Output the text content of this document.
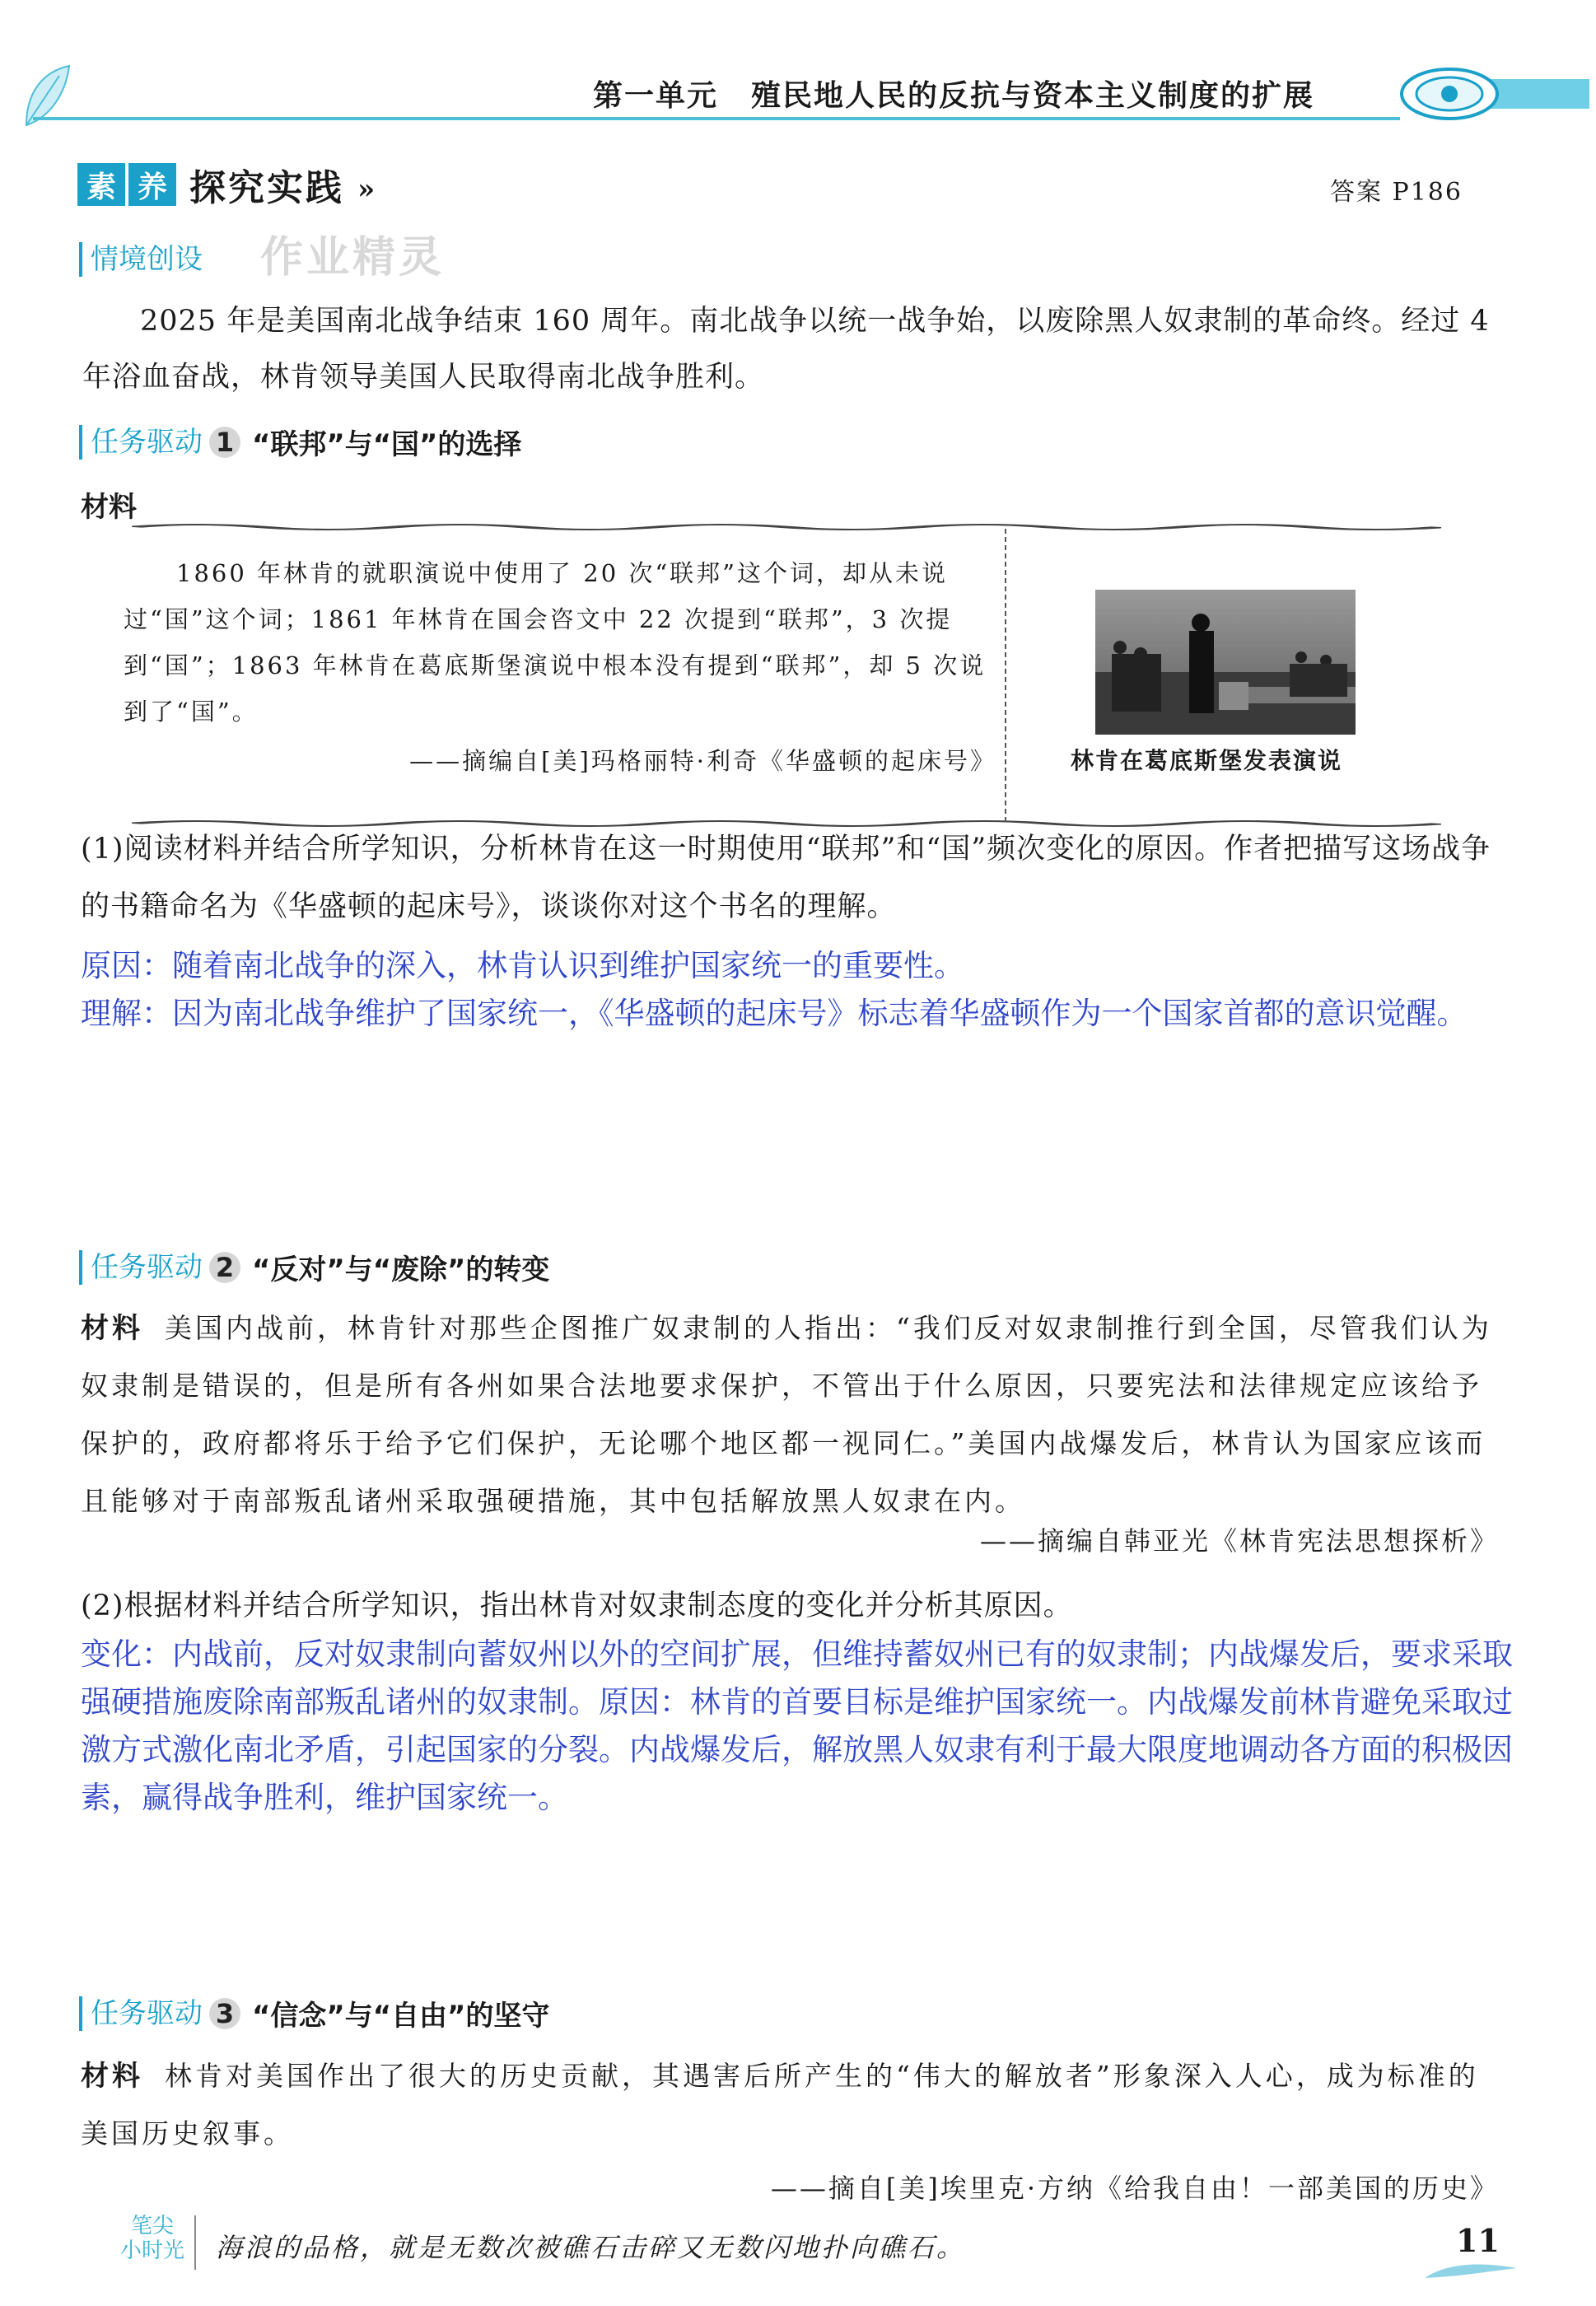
第一单元 殖民地人民的反抗与资本主义制度的扩展
素 养 探究实践 »	答案 P186
情境创设 作业精灵
2025 年是美国南北战争结束 160 周年。南北战争以统一战争始，以废除黑人奴隶制的革命终。经过 4 年浴血奋战，林肯领导美国人民取得南北战争胜利。
任务驱动 1 “联邦”与“国”的选择
材料

1860 年林肯的就职演说中使用了 20 次“联邦”这个词，却从未说过“国”这个词；1861 年林肯在国会咨文中 22 次提到“联邦”，3 次提到“国”；1863 年林肯在葛底斯堡演说中根本没有提到“联邦”，却 5 次说到了“国”。

——摘编自[美]玛格丽特·利奇《华盛顿的起床号》	林肯在葛底斯堡发表演说
(1)阅读材料并结合所学知识，分析林肯在这一时期使用“联邦”和“国”频次变化的原因。作者把描写这场战争的书籍命名为《华盛顿的起床号》，谈谈你对这个书名的理解。
原因：随着南北战争的深入，林肯认识到维护国家统一的重要性。
理解：因为南北战争维护了国家统一，《华盛顿的起床号》标志着华盛顿作为一个国家首都的意识觉醒。
任务驱动 2 “反对”与“废除”的转变
材料 美国内战前，林肯针对那些企图推广奴隶制的人指出：“我们反对奴隶制推行到全国，尽管我们认为奴隶制是错误的，但是所有各州如果合法地要求保护，不管出于什么原因，只要宪法和法律规定应该给予保护的，政府都将乐于给予它们保护，无论哪个地区都一视同仁。”美国内战爆发后，林肯认为国家应该而且能够对于南部叛乱诸州采取强硬措施，其中包括解放黑人奴隶在内。
——摘编自韩亚光《林肯宪法思想探析》
(2)根据材料并结合所学知识，指出林肯对奴隶制态度的变化并分析其原因。
变化：内战前，反对奴隶制向蓄奴州以外的空间扩展，但维持蓄奴州已有的奴隶制；内战爆发后，要求采取强硬措施废除南部叛乱诸州的奴隶制。原因：林肯的首要目标是维护国家统一。内战爆发前林肯避免采取过激方式激化南北矛盾，引起国家的分裂。内战爆发后，解放黑人奴隶有利于最大限度地调动各方面的积极因素，赢得战争胜利，维护国家统一。
任务驱动 3 “信念”与“自由”的坚守
材料 林肯对美国作出了很大的历史贡献，其遇害后所产生的“伟大的解放者”形象深入人心，成为标准的美国历史叙事。
——摘自[美]埃里克·方纳《给我自由！一部美国的历史》
笔尖
小时光 海浪的品格，就是无数次被礁石击碎又无数闪地扑向礁石。	11
